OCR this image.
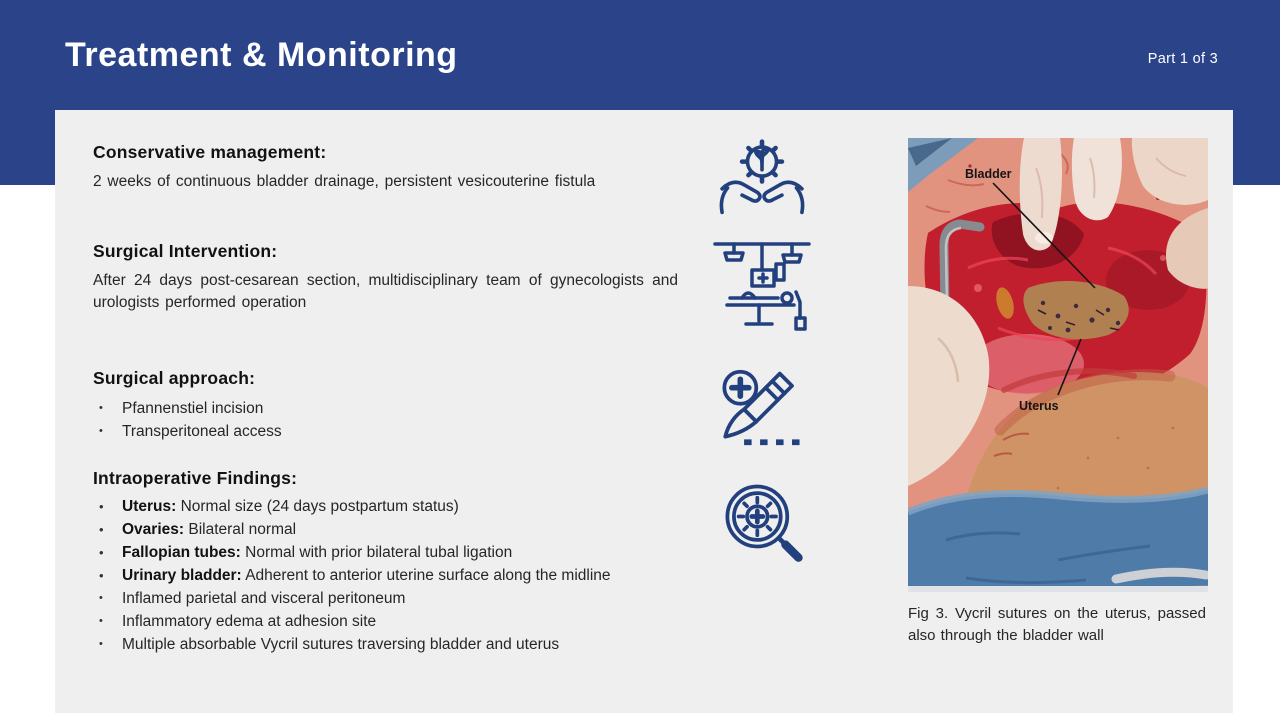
Treatment & Monitoring	Part 1 of 3

Conservative management:

2 weeks of continuous bladder drainage, persistent vesicouterine fistula

Surgical Intervention:

After 24 days post-cesarean section, multidisciplinary team of gynecologists and urologists performed operation

Surgical approach:

• Pfannenstiel incision
• Transperitoneal access

Intraoperative Findings:

• Uterus: Normal size (24 days postpartum status)
• Ovaries: Bilateral normal
• Fallopian tubes: Normal with prior bilateral tubal ligation
• Urinary bladder: Adherent to anterior uterine surface along the midline
• Inflamed parietal and visceral peritoneum
• Inflammatory edema at adhesion site
• Multiple absorbable Vycril sutures traversing bladder and uterus
Bladder
Uterus
Fig 3. Vycril sutures on the uterus, passed also through the bladder wall
